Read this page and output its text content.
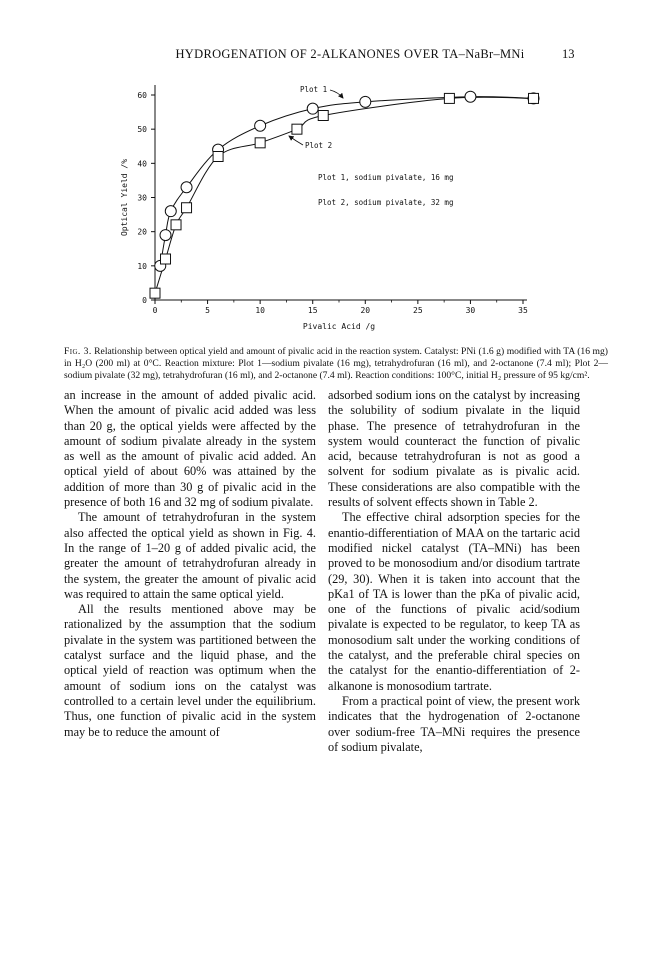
HYDROGENATION OF 2-ALKANONES OVER TA–NaBr–MNi	13
0	5	10	15	20	25	30	35
0
10
20
30
40
50
60
Pivalic Acid /g
Optical Yield /%
Plot 1
Plot 2
Plot 1, sodium pivalate, 16 mg
Plot 2, sodium pivalate, 32 mg
Fig. 3. Relationship between optical yield and amount of pivalic acid in the reaction system. Catalyst: PNi (1.6 g) modified with TA (16 mg) in H₂O (200 ml) at 0°C. Reaction mixture: Plot 1—sodium pivalate (16 mg), tetrahydrofuran (16 ml), and 2-octanone (7.4 ml); Plot 2—sodium pivalate (32 mg), tetrahydrofuran (16 ml), and 2-octanone (7.4 ml). Reaction conditions: 100°C, initial H₂ pressure of 95 kg/cm².

an increase in the amount of added pivalic acid. When the amount of pivalic acid added was less than 20 g, the optical yields were affected by the amount of sodium pivalate already in the system as well as the amount of pivalic acid added. An optical yield of about 60% was attained by the addition of more than 30 g of pivalic acid in the presence of both 16 and 32 mg of sodium pivalate.

The amount of tetrahydrofuran in the system also affected the optical yield as shown in Fig. 4. In the range of 1–20 g of added pivalic acid, the greater the amount of tetrahydrofuran already in the system, the greater the amount of pivalic acid was required to attain the same optical yield.

All the results mentioned above may be rationalized by the assumption that the sodium pivalate in the system was partitioned between the catalyst surface and the liquid phase, and the optical yield of reaction was optimum when the amount of sodium ions on the catalyst was controlled to a certain level under the equilibrium. Thus, one function of pivalic acid in the system may be to reduce the amount of

adsorbed sodium ions on the catalyst by increasing the solubility of sodium pivalate in the liquid phase. The presence of tetrahydrofuran in the system would counteract the function of pivalic acid, because tetrahydrofuran is not as good a solvent for sodium pivalate as is pivalic acid. These considerations are also compatible with the results of solvent effects shown in Table 2.

The effective chiral adsorption species for the enantio-differentiation of MAA on the tartaric acid modified nickel catalyst (TA–MNi) has been proved to be monosodium and/or disodium tartrate (29, 30). When it is taken into account that the pKa1 of TA is lower than the pKa of pivalic acid, one of the functions of pivalic acid/sodium pivalate is expected to be regulator, to keep TA as monosodium salt under the working conditions of the catalyst, and the preferable chiral species on the catalyst for the enantio-differentiation of 2-alkanone is monosodium tartrate.

From a practical point of view, the present work indicates that the hydrogenation of 2-octanone over sodium-free TA–MNi requires the presence of sodium pivalate,
